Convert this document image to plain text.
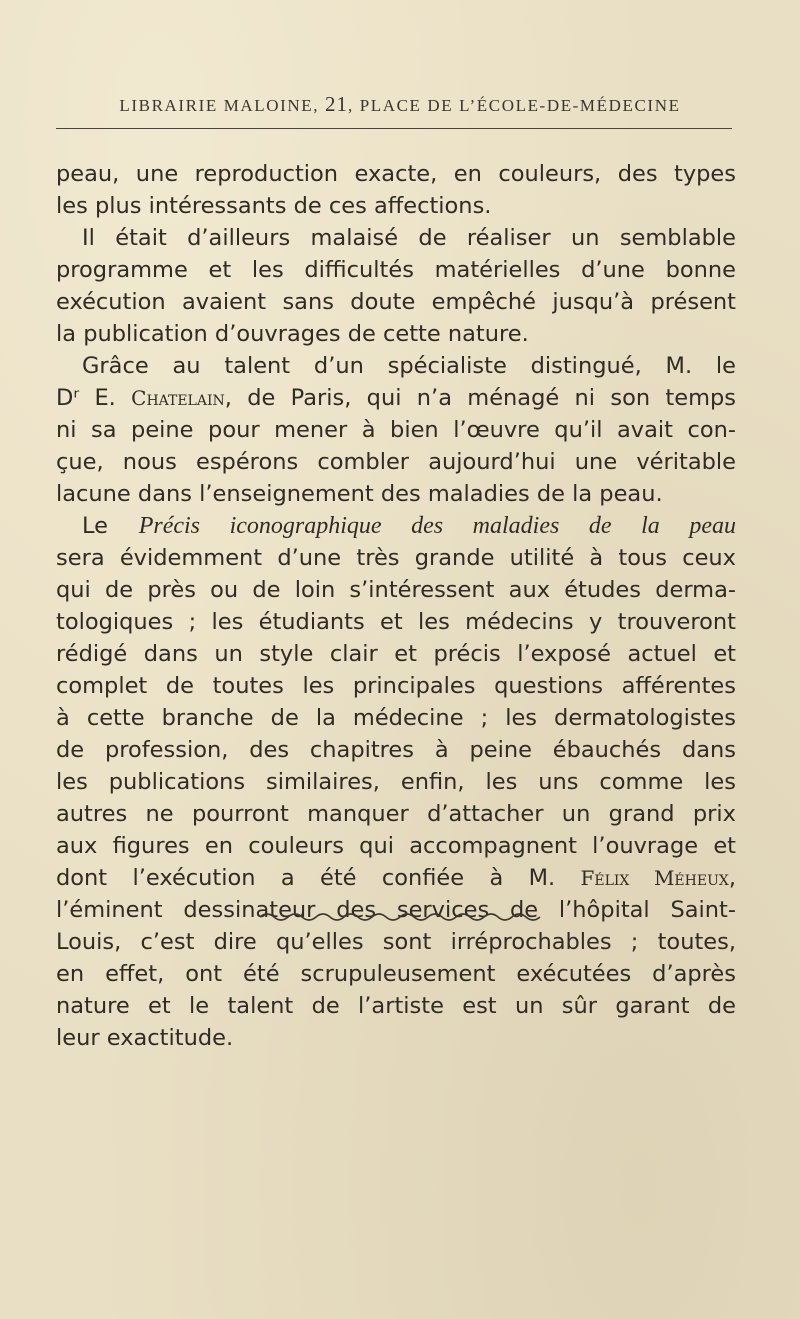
LIBRAIRIE MALOINE, 21, PLACE DE L’ÉCOLE-DE-MÉDECINE
peau, une reproduction exacte, en couleurs, des types
les plus intéressants de ces affections.
Il était d’ailleurs malaisé de réaliser un semblable
programme et les difficultés matérielles d’une bonne
exécution avaient sans doute empêché jusqu’à présent
la publication d’ouvrages de cette nature.
Grâce au talent d’un spécialiste distingué, M. le
Dʳ E. Chatelain, de Paris, qui n’a ménagé ni son temps
ni sa peine pour mener à bien l’œuvre qu’il avait con-
çue, nous espérons combler aujourd’hui une véritable
lacune dans l’enseignement des maladies de la peau.
Le Précis iconographique des maladies de la peau
sera évidemment d’une très grande utilité à tous ceux
qui de près ou de loin s’intéressent aux études derma-
tologiques ; les étudiants et les médecins y trouveront
rédigé dans un style clair et précis l’exposé actuel et
complet de toutes les principales questions afférentes
à cette branche de la médecine ; les dermatologistes
de profession, des chapitres à peine ébauchés dans
les publications similaires, enfin, les uns comme les
autres ne pourront manquer d’attacher un grand prix
aux figures en couleurs qui accompagnent l’ouvrage et
dont l’exécution a été confiée à M. Félix Méheux,
l’éminent dessinateur des services de l’hôpital Saint-
Louis, c’est dire qu’elles sont irréprochables ; toutes,
en effet, ont été scrupuleusement exécutées d’après
nature et le talent de l’artiste est un sûr garant de
leur exactitude.
